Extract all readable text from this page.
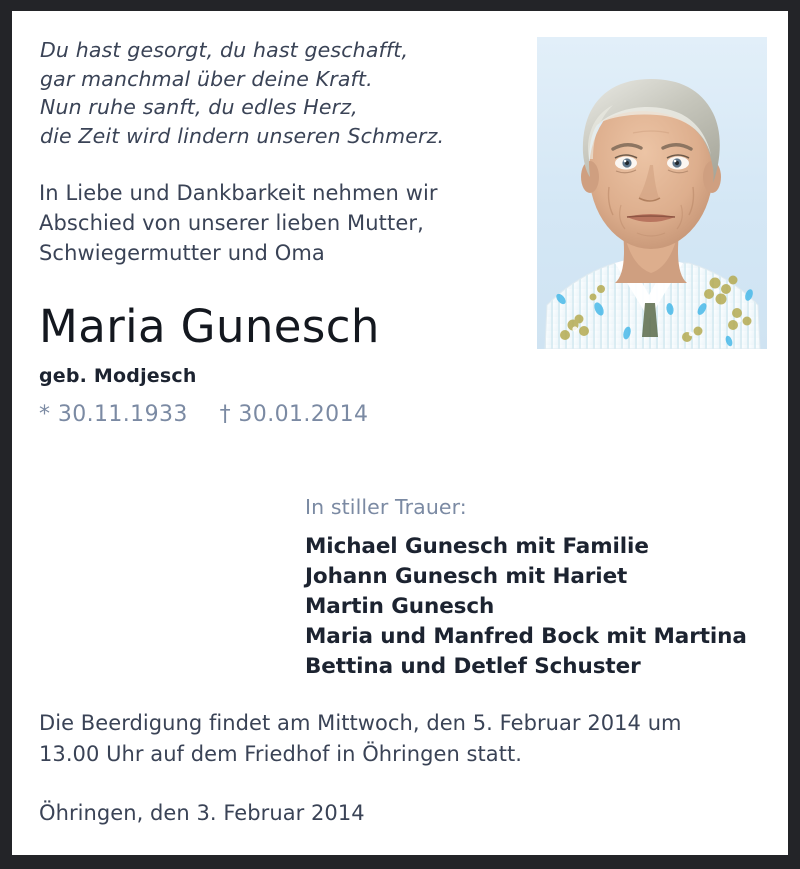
Du hast gesorgt, du hast geschafft,
gar manchmal über deine Kraft.
Nun ruhe sanft, du edles Herz,
die Zeit wird lindern unseren Schmerz.
In Liebe und Dankbarkeit nehmen wir
Abschied von unserer lieben Mutter,
Schwiegermutter und Oma
Maria Gunesch
geb. Modjesch
* 30.11.1933 † 30.01.2014
In stiller Trauer:
Michael Gunesch mit Familie
Johann Gunesch mit Hariet
Martin Gunesch
Maria und Manfred Bock mit Martina
Bettina und Detlef Schuster
Die Beerdigung findet am Mittwoch, den 5. Februar 2014 um
13.00 Uhr auf dem Friedhof in Öhringen statt.
Öhringen, den 3. Februar 2014
